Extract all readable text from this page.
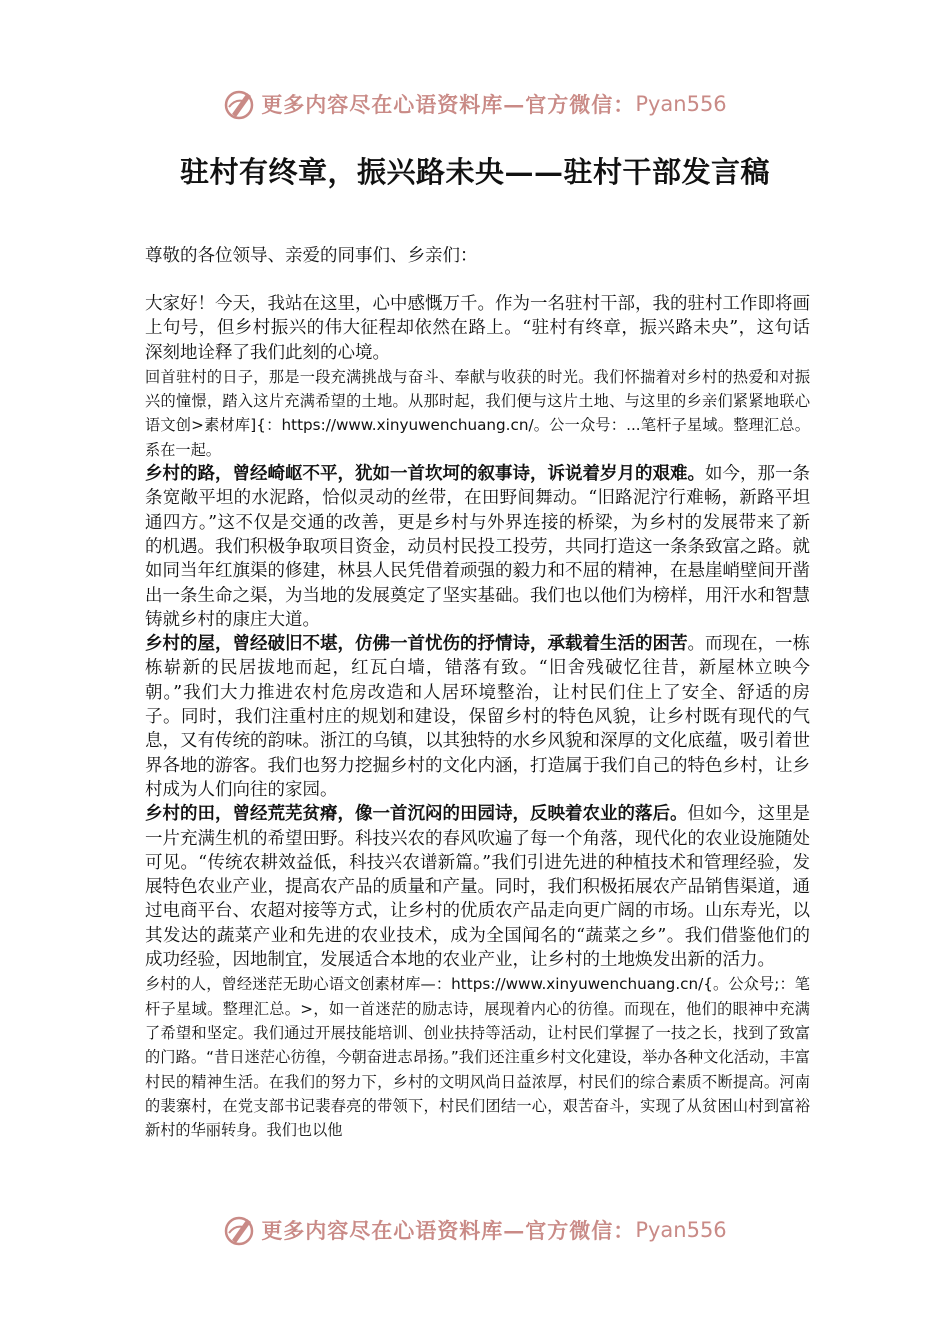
更多内容尽在心语资料库—官方微信： Pyan556
驻村有终章，振兴路未央——驻村干部发言稿

尊敬的各位领导、亲爱的同事们、乡亲们：

大家好！今天，我站在这里，心中感慨万千。作为一名驻村干部，我的驻村工作即将画上句号，但乡村振兴的伟大征程却依然在路上。“驻村有终章，振兴路未央”，这句话深刻地诠释了我们此刻的心境。

回首驻村的日子，那是一段充满挑战与奋斗、奉献与收获的时光。我们怀揣着对乡村的热爱和对振兴的憧憬，踏入这片充满希望的土地。从那时起，我们便与这片土地、与这里的乡亲们紧紧地联心语文创>素材库]{：https://www.xinyuwenchuang.cn/。公一众号：...笔杆子星域。整理汇总。系在一起。

乡村的路，曾经崎岖不平，犹如一首坎坷的叙事诗，诉说着岁月的艰难。如今，那一条条宽敞平坦的水泥路，恰似灵动的丝带，在田野间舞动。“旧路泥泞行难畅，新路平坦通四方。”这不仅是交通的改善，更是乡村与外界连接的桥梁，为乡村的发展带来了新的机遇。我们积极争取项目资金，动员村民投工投劳，共同打造这一条条致富之路。就如同当年红旗渠的修建，林县人民凭借着顽强的毅力和不屈的精神，在悬崖峭壁间开凿出一条生命之渠，为当地的发展奠定了坚实基础。我们也以他们为榜样，用汗水和智慧铸就乡村的康庄大道。

乡村的屋，曾经破旧不堪，仿佛一首忧伤的抒情诗，承载着生活的困苦。而现在，一栋栋崭新的民居拔地而起，红瓦白墙，错落有致。“旧舍残破忆往昔，新屋林立映今朝。”我们大力推进农村危房改造和人居环境整治，让村民们住上了安全、舒适的房子。同时，我们注重村庄的规划和建设，保留乡村的特色风貌，让乡村既有现代的气息，又有传统的韵味。浙江的乌镇，以其独特的水乡风貌和深厚的文化底蕴，吸引着世界各地的游客。我们也努力挖掘乡村的文化内涵，打造属于我们自己的特色乡村，让乡村成为人们向往的家园。

乡村的田，曾经荒芜贫瘠，像一首沉闷的田园诗，反映着农业的落后。但如今，这里是一片充满生机的希望田野。科技兴农的春风吹遍了每一个角落，现代化的农业设施随处可见。“传统农耕效益低，科技兴农谱新篇。”我们引进先进的种植技术和管理经验，发展特色农业产业，提高农产品的质量和产量。同时，我们积极拓展农产品销售渠道，通过电商平台、农超对接等方式，让乡村的优质农产品走向更广阔的市场。山东寿光，以其发达的蔬菜产业和先进的农业技术，成为全国闻名的“蔬菜之乡”。我们借鉴他们的成功经验，因地制宜，发展适合本地的农业产业，让乡村的土地焕发出新的活力。

乡村的人，曾经迷茫无助心语文创素材库—：https://www.xinyuwenchuang.cn/{。公众号;：笔杆子星域。整理汇总。>，如一首迷茫的励志诗，展现着内心的彷徨。而现在，他们的眼神中充满了希望和坚定。我们通过开展技能培训、创业扶持等活动，让村民们掌握了一技之长，找到了致富的门路。“昔日迷茫心彷徨，今朝奋进志昂扬。”我们还注重乡村文化建设，举办各种文化活动，丰富村民的精神生活。在我们的努力下，乡村的文明风尚日益浓厚，村民们的综合素质不断提高。河南的裴寨村，在党支部书记裴春亮的带领下，村民们团结一心，艰苦奋斗，实现了从贫困山村到富裕新村的华丽转身。我们也以他

更多内容尽在心语资料库—官方微信： Pyan556
